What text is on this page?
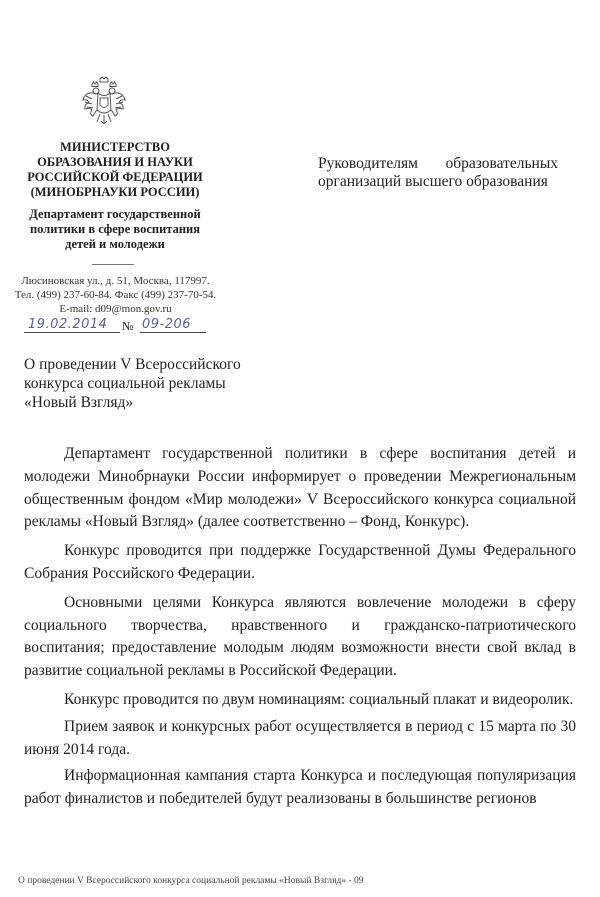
МИНИСТЕРСТВО
ОБРАЗОВАНИЯ И НАУКИ
РОССИЙСКОЙ ФЕДЕРАЦИИ
(МИНОБРНАУКИ РОССИИ)
Департамент государственной
политики в сфере воспитания
детей и молодежи
Люсиновская ул., д. 51, Москва, 117997.
Тел. (499) 237-60-84. Факс (499) 237-70-54.
E-mail: d09@mon.gov.ru
19.02.2014 № 09-206
О проведении V Всероссийского
конкурса социальной рекламы
«Новый Взгляд»
Руководителям образовательных
организаций высшего образования

Департамент государственной политики в сфере воспитания детей и молодежи Минобрнауки России информирует о проведении Межрегиональным общественным фондом «Мир молодежи» V Всероссийского конкурса социальной рекламы «Новый Взгляд» (далее соответственно – Фонд, Конкурс).

Конкурс проводится при поддержке Государственной Думы Федерального Собрания Российского Федерации.

Основными целями Конкурса являются вовлечение молодежи в сферу социального творчества, нравственного и гражданско-патриотического воспитания; предоставление молодым людям возможности внести свой вклад в развитие социальной рекламы в Российской Федерации.

Конкурс проводится по двум номинациям: социальный плакат и видеоролик.

Прием заявок и конкурсных работ осуществляется в период с 15 марта по 30 июня 2014 года.

Информационная кампания старта Конкурса и последующая популяризация работ финалистов и победителей будут реализованы в большинстве регионов

О проведении V Всероссийского конкурса социальной рекламы «Новый Взгляд» - 09
